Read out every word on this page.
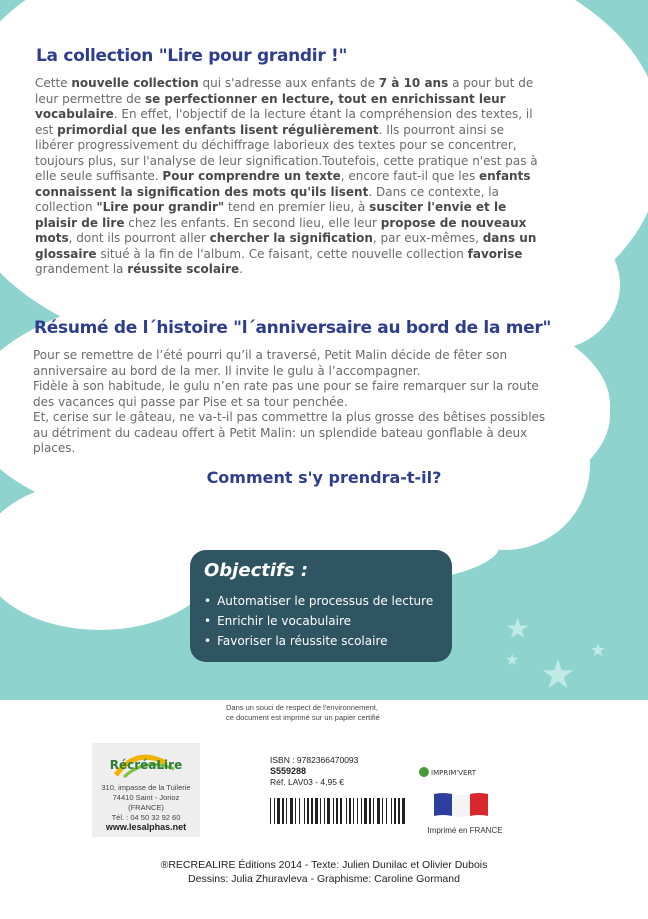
★
★
★	★
La collection "Lire pour grandir !"
Cette nouvelle collection qui s'adresse aux enfants de 7 à 10 ans a pour but de leur permettre de se perfectionner en lecture, tout en enrichissant leur vocabulaire. En effet, l'objectif de la lecture étant la compréhension des textes, il est primordial que les enfants lisent régulièrement. Ils pourront ainsi se libérer progressivement du déchiffrage laborieux des textes pour se concentrer, toujours plus, sur l'analyse de leur signification.Toutefois, cette pratique n'est pas à elle seule suffisante. Pour comprendre un texte, encore faut-il que les enfants connaissent la signification des mots qu'ils lisent. Dans ce contexte, la collection "Lire pour grandir" tend en premier lieu, à susciter l'envie et le plaisir de lire chez les enfants. En second lieu, elle leur propose de nouveaux mots, dont ils pourront aller chercher la signification, par eux-mêmes, dans un glossaire situé à la fin de l'album. Ce faisant, cette nouvelle collection favorise grandement la réussite scolaire.
Résumé de l´histoire "l´anniversaire au bord de la mer"

Pour se remettre de l’été pourri qu’il a traversé, Petit Malin décide de fêter son anniversaire au bord de la mer. Il invite le gulu à l’accompagner.

Fidèle à son habitude, le gulu n’en rate pas une pour se faire remarquer sur la route des vacances qui passe par Pise et sa tour penchée.

Et, cerise sur le gâteau, ne va-t-il pas commettre la plus grosse des bêtises possibles au détriment du cadeau offert à Petit Malin: un splendide bateau gonflable à deux places.

Comment s'y prendra-t-il?
Objectifs :
• Automatiser le processus de lecture
• Enrichir le vocabulaire
• Favoriser la réussite scolaire
Dans un souci de respect de l'environnement,
ce document est imprimé sur un papier certifié
RécréaLire
310, impasse de la Tuilerie
74410 Saint - Jorioz (FRANCE)
Tél. : 04 50 32 92 60
www.lesalphas.net
ISBN : 9782366470093
S559288
Réf. LAV03 - 4,95 €
IMPRIM'VERT
Imprimé en FRANCE
®RECREALIRE Éditions 2014 - Texte: Julien Dunilac et Olivier Dubois
Dessins: Julia Zhuravleva - Graphisme: Caroline Gormand
